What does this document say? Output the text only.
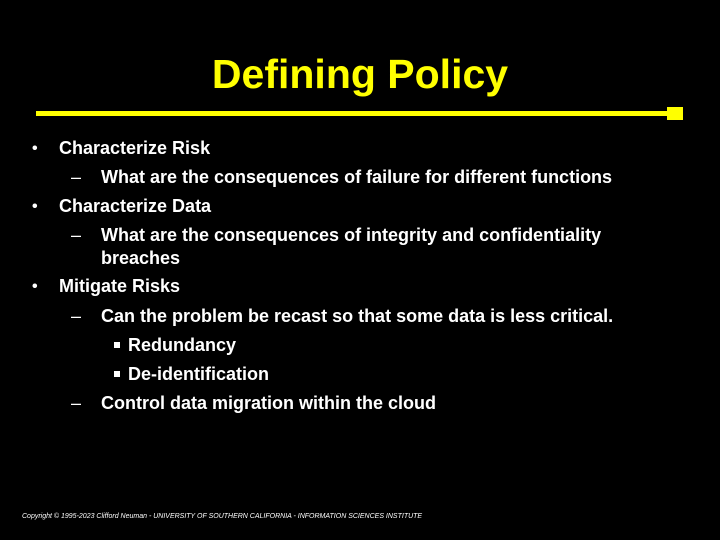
Defining Policy
• Characterize Risk
– What are the consequences of failure for different functions
• Characterize Data
– What are the consequences of integrity and confidentiality
breaches
• Mitigate Risks
– Can the problem be recast so that some data is less critical.
Redundancy
De-identification
– Control data migration within the cloud
Copyright © 1995-2023 Clifford Neuman - UNIVERSITY OF SOUTHERN CALIFORNIA - INFORMATION SCIENCES INSTITUTE
